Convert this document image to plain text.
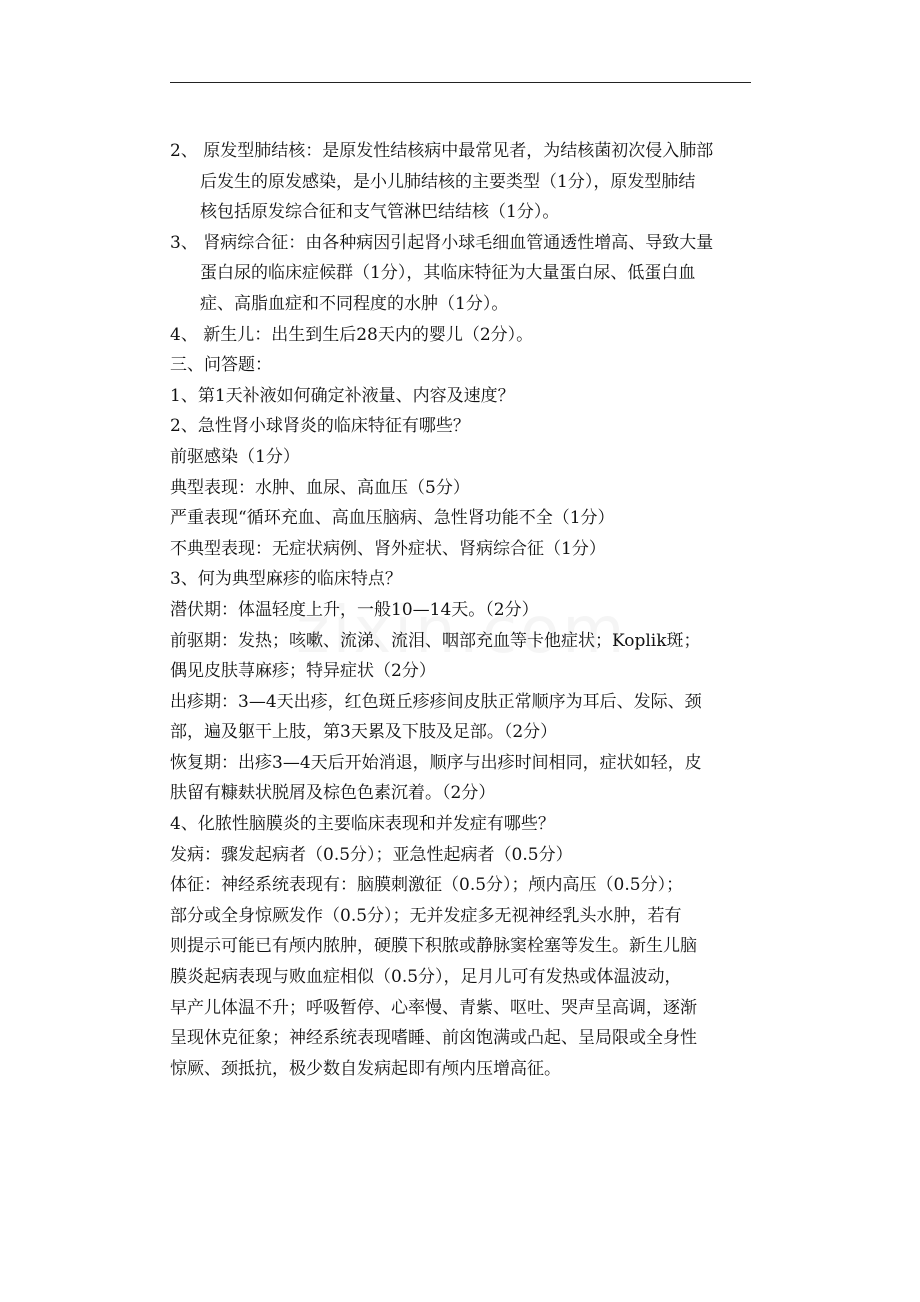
2、 原发型肺结核：是原发性结核病中最常见者，为结核菌初次侵入肺部
后发生的原发感染，是小儿肺结核的主要类型（1分），原发型肺结
核包括原发综合征和支气管淋巴结结核（1分）。
3、 肾病综合征：由各种病因引起肾小球毛细血管通透性增高、导致大量
蛋白尿的临床症候群（1分），其临床特征为大量蛋白尿、低蛋白血
症、高脂血症和不同程度的水肿（1分）。
4、 新生儿：出生到生后28天内的婴儿（2分）。
三、问答题：
1、第1天补液如何确定补液量、内容及速度？
2、急性肾小球肾炎的临床特征有哪些？
前驱感染（1分）
典型表现：水肿、血尿、高血压（5分）
严重表现“循环充血、高血压脑病、急性肾功能不全（1分）
不典型表现：无症状病例、肾外症状、肾病综合征（1分）
3、何为典型麻疹的临床特点？
潜伏期：体温轻度上升，一般10—14天。（2分）
前驱期：发热；咳嗽、流涕、流泪、咽部充血等卡他症状；Koplik斑；
偶见皮肤荨麻疹；特异症状（2分）
出疹期：3—4天出疹，红色斑丘疹疹间皮肤正常顺序为耳后、发际、颈
部，遍及躯干上肢，第3天累及下肢及足部。（2分）
恢复期：出疹3—4天后开始消退，顺序与出疹时间相同，症状如轻，皮
肤留有糠麸状脱屑及棕色色素沉着。（2分）
4、化脓性脑膜炎的主要临床表现和并发症有哪些？
发病：骤发起病者（0.5分）；亚急性起病者（0.5分）
体征：神经系统表现有：脑膜刺激征（0.5分）；颅内高压（0.5分）；
部分或全身惊厥发作（0.5分）；无并发症多无视神经乳头水肿，若有
则提示可能已有颅内脓肿，硬膜下积脓或静脉窦栓塞等发生。新生儿脑
膜炎起病表现与败血症相似（0.5分），足月儿可有发热或体温波动，
早产儿体温不升；呼吸暂停、心率慢、青紫、呕吐、哭声呈高调，逐渐
呈现休克征象；神经系统表现嗜睡、前囟饱满或凸起、呈局限或全身性
惊厥、颈抵抗，极少数自发病起即有颅内压增高征。
